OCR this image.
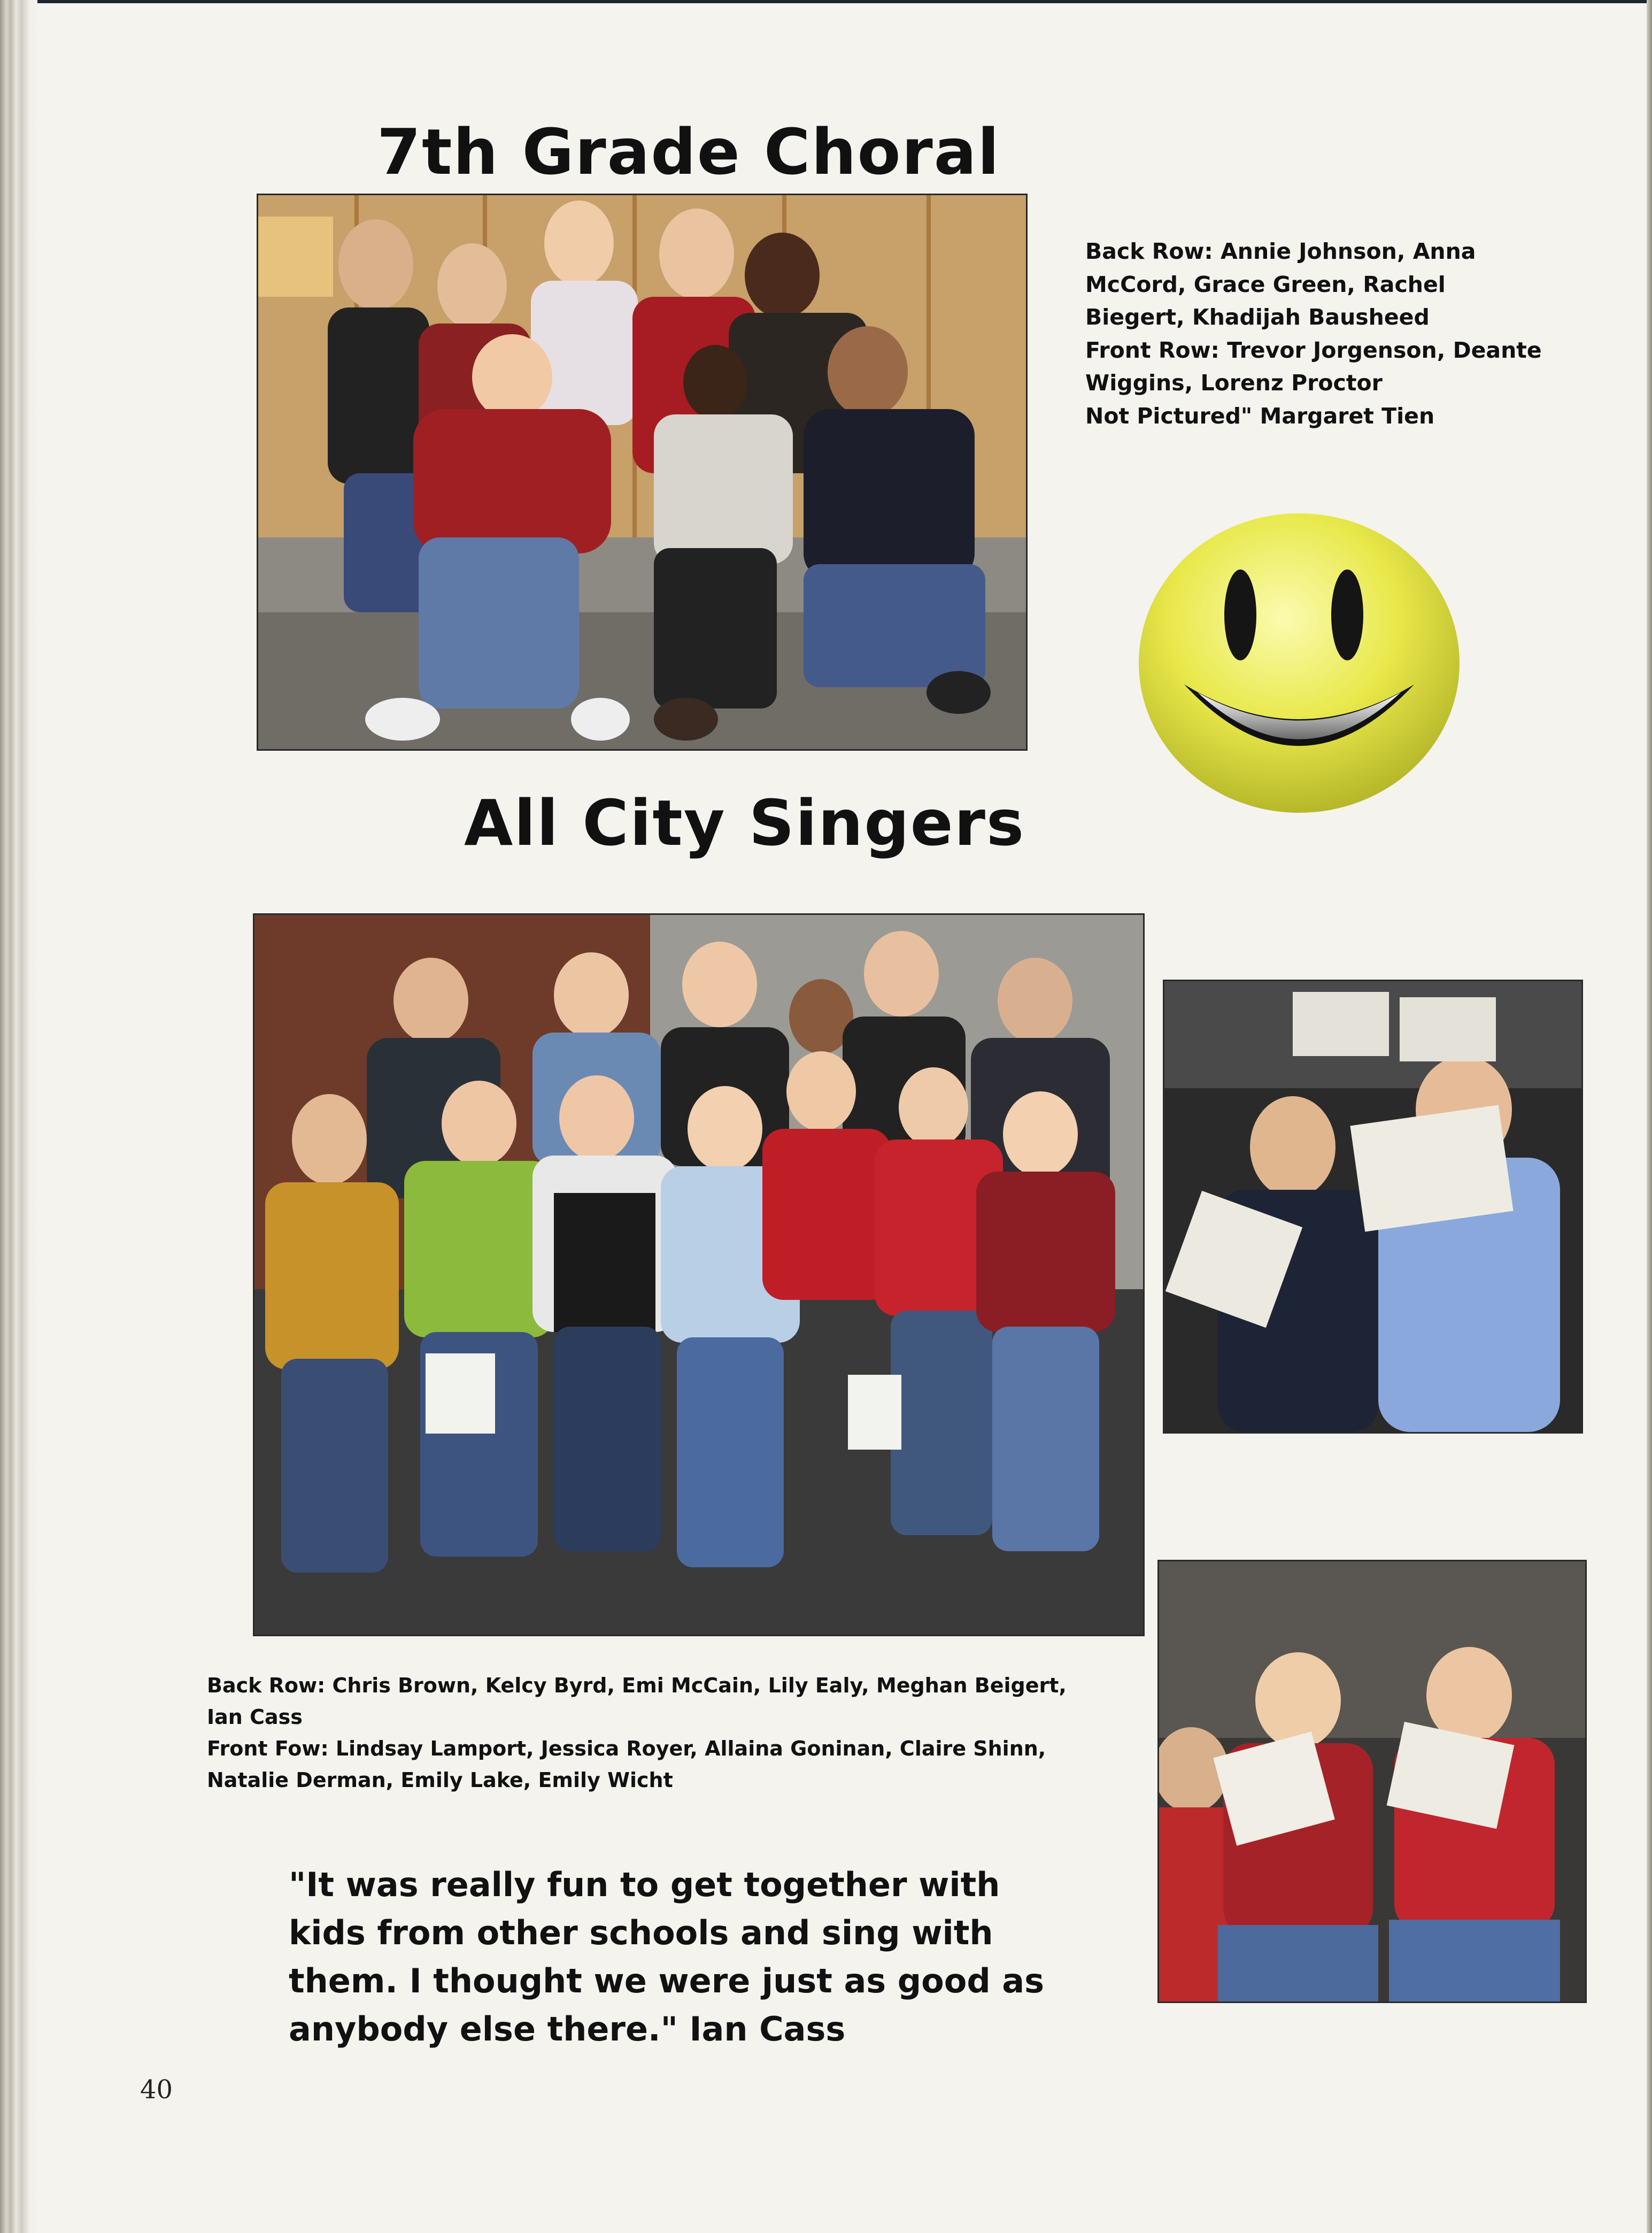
7th Grade Choral

Back Row: Annie Johnson, Anna

McCord, Grace Green, Rachel

Biegert, Khadijah Bausheed

Front Row: Trevor Jorgenson, Deante

Wiggins, Lorenz Proctor

Not Pictured" Margaret Tien

All City Singers

Back Row: Chris Brown, Kelcy Byrd, Emi McCain, Lily Ealy, Meghan Beigert,

Ian Cass

Front Fow: Lindsay Lamport, Jessica Royer, Allaina Goninan, Claire Shinn,

Natalie Derman, Emily Lake, Emily Wicht

"It was really fun to get together with
kids from other schools and sing with
them. I thought we were just as good as
anybody else there." Ian Cass
40
